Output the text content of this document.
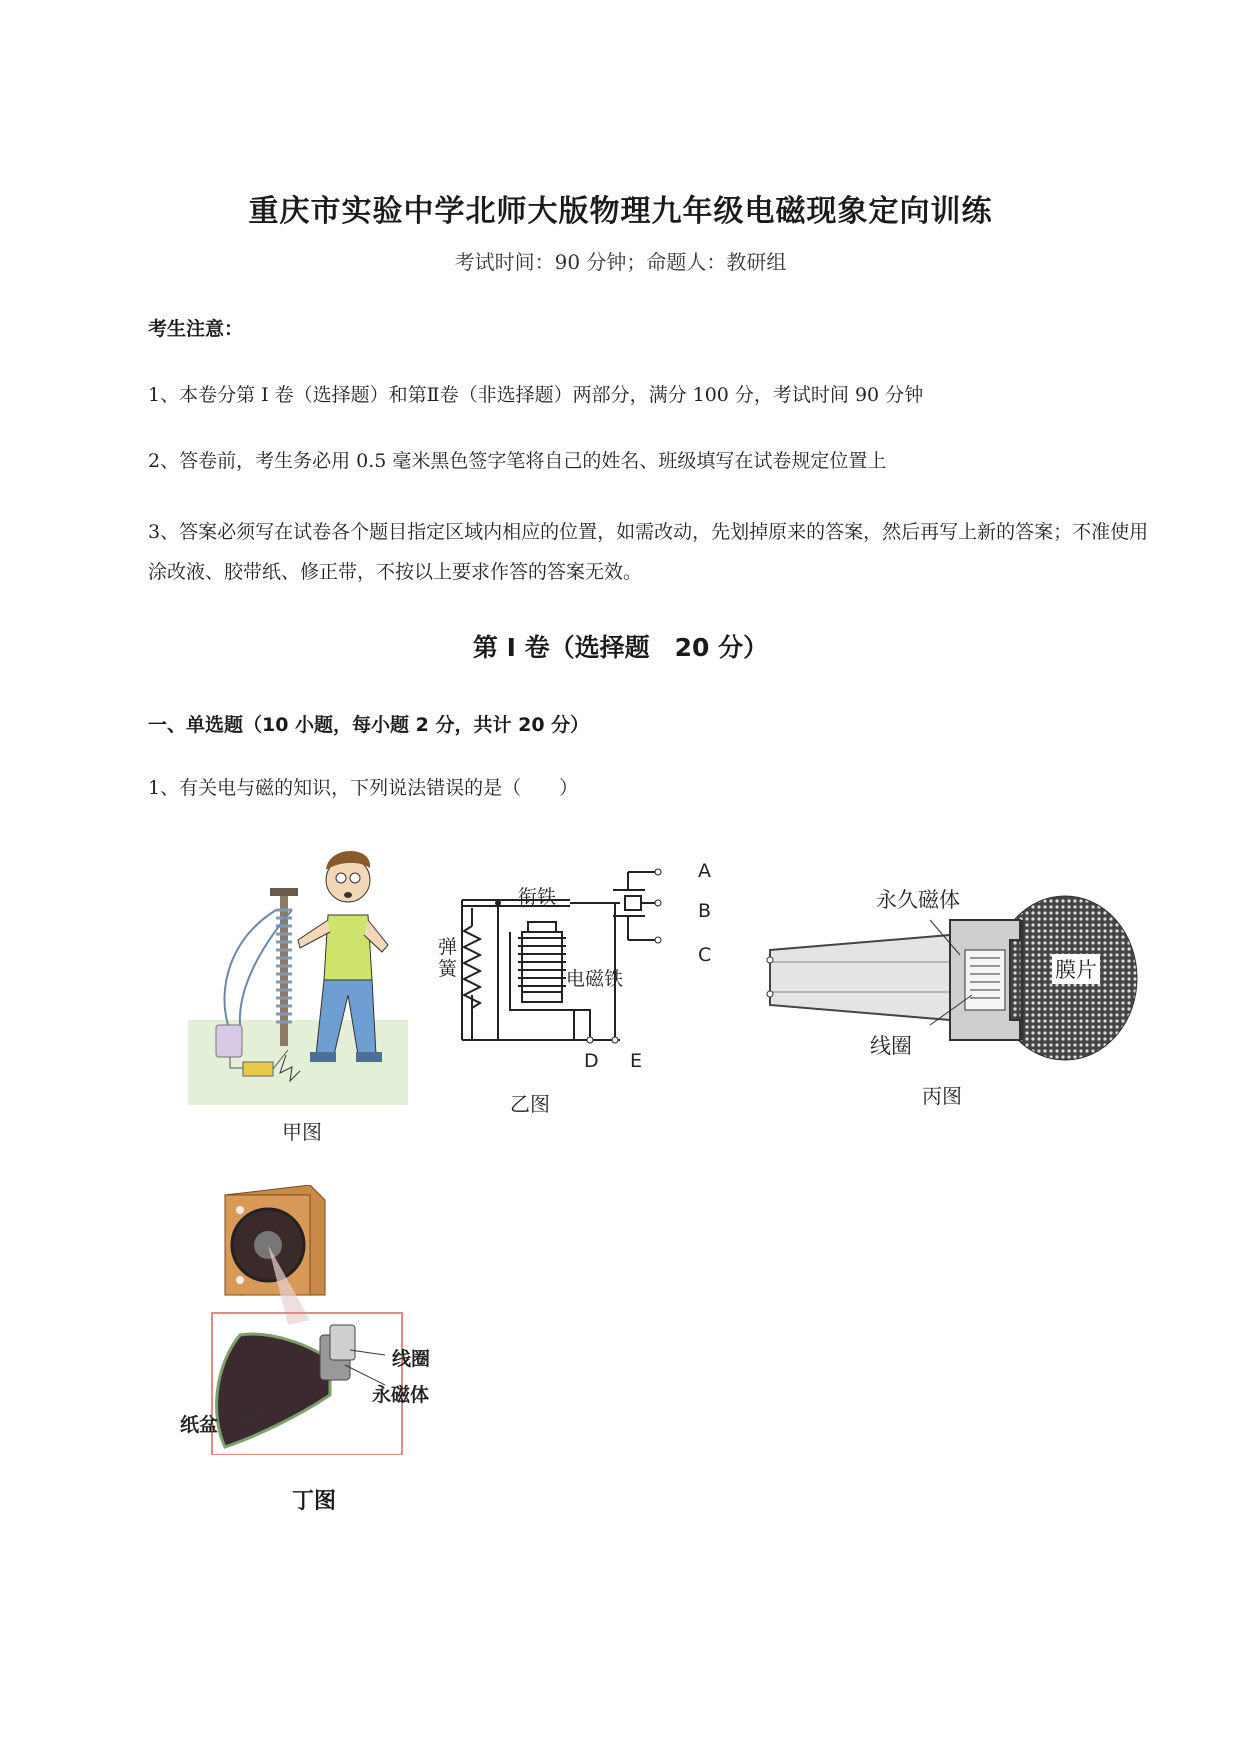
重庆市实验中学北师大版物理九年级电磁现象定向训练
考试时间：90 分钟；命题人：教研组
考生注意：
1、本卷分第 I 卷（选择题）和第Ⅱ卷（非选择题）两部分，满分 100 分，考试时间 90 分钟
2、答卷前，考生务必用 0.5 毫米黑色签字笔将自己的姓名、班级填写在试卷规定位置上
3、答案必须写在试卷各个题目指定区域内相应的位置，如需改动，先划掉原来的答案，然后再写上新的答案；不准使用涂改液、胶带纸、修正带，不按以上要求作答的答案无效。
第 I 卷（选择题　20 分）
一、单选题（10 小题，每小题 2 分，共计 20 分）
1、有关电与磁的知识，下列说法错误的是（　　）
甲图
衔铁
弹簧	电磁铁
A
B
C
D E
乙图
永久磁体
膜片
线圈
丙图
线圈
永磁体
纸盆
丁图
